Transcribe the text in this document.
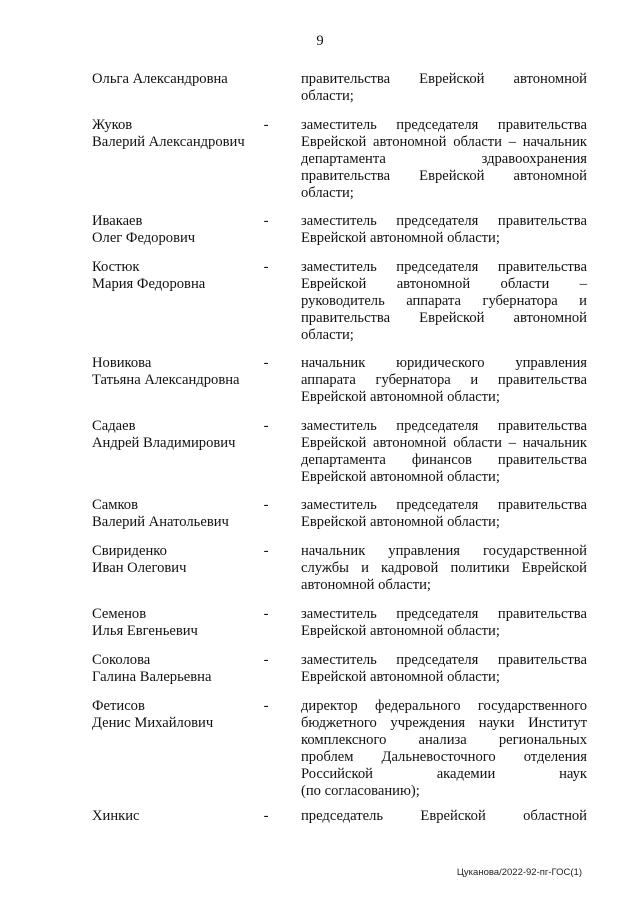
9
Ольга Александровна	правительства Еврейской автономной
области;
Жуков
Валерий Александрович
- заместитель председателя правительства
Еврейской автономной области – начальник
департамента здравоохранения
правительства Еврейской автономной
области;
Ивакаев
Олег Федорович
- заместитель председателя правительства
Еврейской автономной области;
Костюк
Мария Федоровна
- заместитель председателя правительства
Еврейской автономной области –
руководитель аппарата губернатора и
правительства Еврейской автономной
области;
Новикова
Татьяна Александровна
- начальник юридического управления
аппарата губернатора и правительства
Еврейской автономной области;
Садаев
Андрей Владимирович
- заместитель председателя правительства
Еврейской автономной области – начальник
департамента финансов правительства
Еврейской автономной области;
Самков
Валерий Анатольевич
- заместитель председателя правительства
Еврейской автономной области;
Свириденко
Иван Олегович
- начальник управления государственной
службы и кадровой политики Еврейской
автономной области;
Семенов
Илья Евгеньевич
- заместитель председателя правительства
Еврейской автономной области;
Соколова
Галина Валерьевна
- заместитель председателя правительства
Еврейской автономной области;
Фетисов
Денис Михайлович
- директор федерального государственного
бюджетного учреждения науки Институт
комплексного анализа региональных
проблем Дальневосточного отделения
Российской академии наук
(по согласованию);
Хинкис	- председатель Еврейской областной
Цуканова/2022-92-пг-ГОС(1)
